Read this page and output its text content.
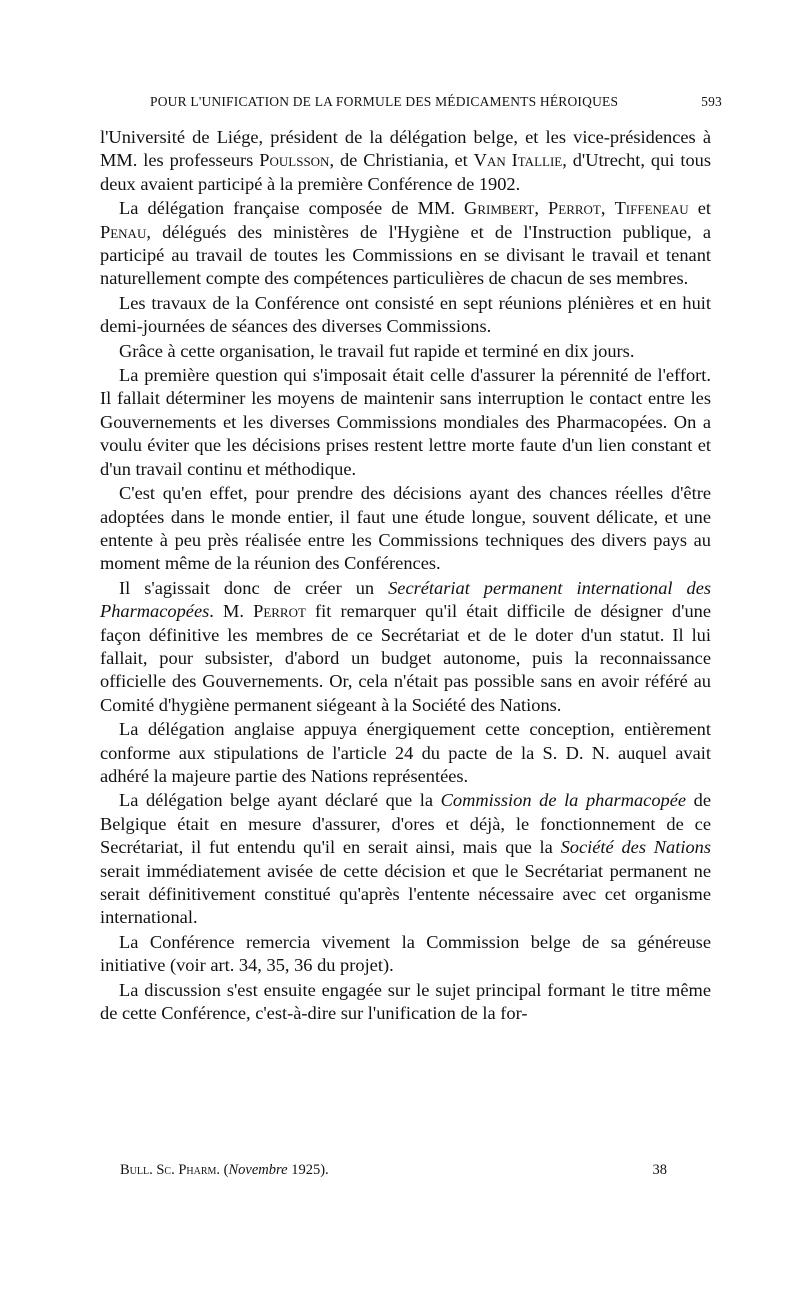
POUR L'UNIFICATION DE LA FORMULE DES MÉDICAMENTS HÉROIQUES	593

l'Université de Liége, président de la délégation belge, et les vice-présidences à MM. les professeurs Poulsson, de Christiania, et Van Itallie, d'Utrecht, qui tous deux avaient participé à la première Conférence de 1902.

La délégation française composée de MM. Grimbert, Perrot, Tiffeneau et Penau, délégués des ministères de l'Hygiène et de l'Instruction publique, a participé au travail de toutes les Commissions en se divisant le travail et tenant naturellement compte des compétences particulières de chacun de ses membres.

Les travaux de la Conférence ont consisté en sept réunions plénières et en huit demi-journées de séances des diverses Commissions.

Grâce à cette organisation, le travail fut rapide et terminé en dix jours.

La première question qui s'imposait était celle d'assurer la pérennité de l'effort. Il fallait déterminer les moyens de maintenir sans interruption le contact entre les Gouvernements et les diverses Commissions mondiales des Pharmacopées. On a voulu éviter que les décisions prises restent lettre morte faute d'un lien constant et d'un travail continu et méthodique.

C'est qu'en effet, pour prendre des décisions ayant des chances réelles d'être adoptées dans le monde entier, il faut une étude longue, souvent délicate, et une entente à peu près réalisée entre les Commissions techniques des divers pays au moment même de la réunion des Conférences.

Il s'agissait donc de créer un Secrétariat permanent international des Pharmacopées. M. Perrot fit remarquer qu'il était difficile de désigner d'une façon définitive les membres de ce Secrétariat et de le doter d'un statut. Il lui fallait, pour subsister, d'abord un budget autonome, puis la reconnaissance officielle des Gouvernements. Or, cela n'était pas possible sans en avoir référé au Comité d'hygiène permanent siégeant à la Société des Nations.

La délégation anglaise appuya énergiquement cette conception, entièrement conforme aux stipulations de l'article 24 du pacte de la S. D. N. auquel avait adhéré la majeure partie des Nations représentées.

La délégation belge ayant déclaré que la Commission de la pharmacopée de Belgique était en mesure d'assurer, d'ores et déjà, le fonctionnement de ce Secrétariat, il fut entendu qu'il en serait ainsi, mais que la Société des Nations serait immédiatement avisée de cette décision et que le Secrétariat permanent ne serait définitivement constitué qu'après l'entente nécessaire avec cet organisme international.

La Conférence remercia vivement la Commission belge de sa généreuse initiative (voir art. 34, 35, 36 du projet).

La discussion s'est ensuite engagée sur le sujet principal formant le titre même de cette Conférence, c'est-à-dire sur l'unification de la for-

Bull. Sc. Pharm. (Novembre 1925).	38
